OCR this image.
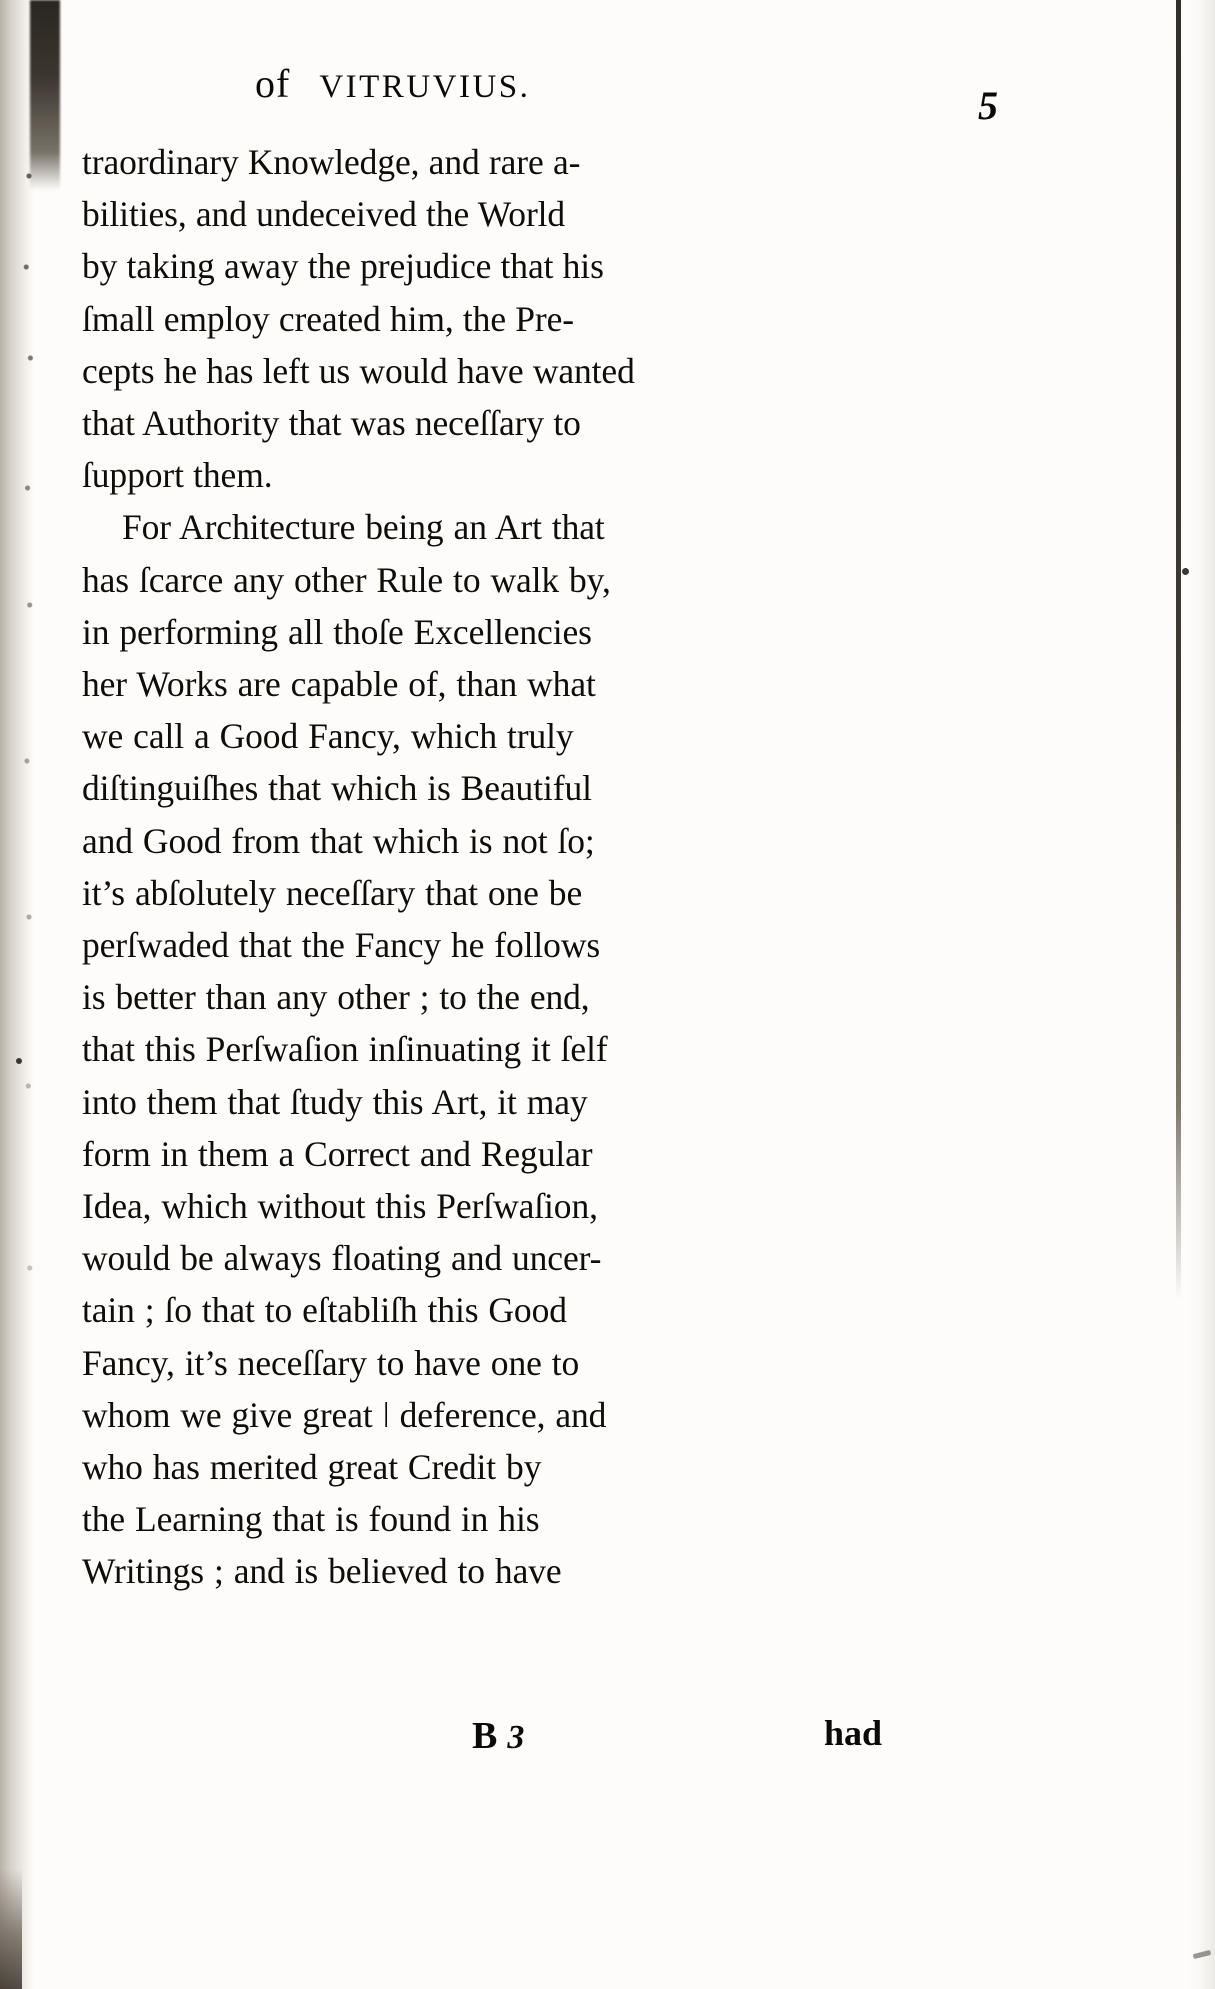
of VITRUVIUS.	5
traordinary Knowledge, and rare a-
bilities, and undeceived the World
by taking away the prejudice that his
ſmall employ created him, the Pre-
cepts he has left us would have wanted
that Authority that was neceſſary to
ſupport them.
For Architecture being an Art that
has ſcarce any other Rule to walk by,
in performing all thoſe Excellencies
her Works are capable of, than what
we call a Good Fancy, which truly
diſtinguiſhes that which is Beautiful
and Good from that which is not ſo;
it’s abſolutely neceſſary that one be
perſwaded that the Fancy he follows
is better than any other ; to the end,
that this Perſwaſion inſinuating it ſelf
into them that ſtudy this Art, it may
form in them a Correct and Regular
Idea, which without this Perſwaſion,
would be always floating and uncer-
tain ; ſo that to eſtabliſh this Good
Fancy, it’s neceſſary to have one to
whom we give great ǀ deference, and
who has merited great Credit by
the Learning that is found in his
Writings ; and is believed to have
B 3	had
